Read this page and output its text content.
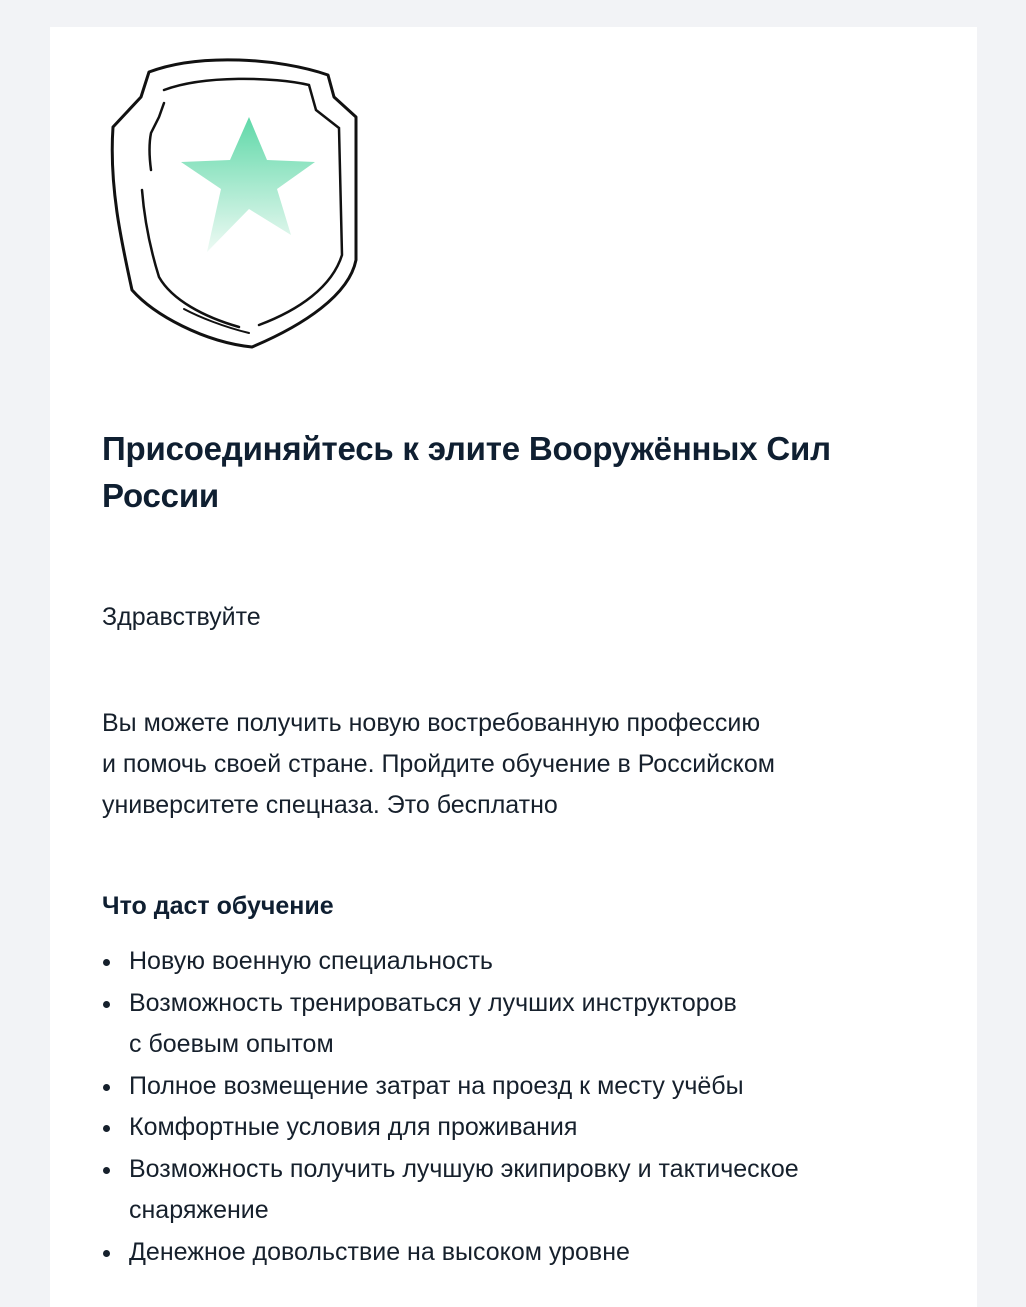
Присоединяйтесь к элите Вооружённых Сил России

Здравствуйте

Вы можете получить новую востребованную профессию
и помочь своей стране. Пройдите обучение в Российском
университете спецназа. Это бесплатно

Что даст обучение
Новую военную специальность
Возможность тренироваться у лучших инструкторов
с боевым опытом
Полное возмещение затрат на проезд к месту учёбы
Комфортные условия для проживания
Возможность получить лучшую экипировку и тактическое
снаряжение
Денежное довольствие на высоком уровне
